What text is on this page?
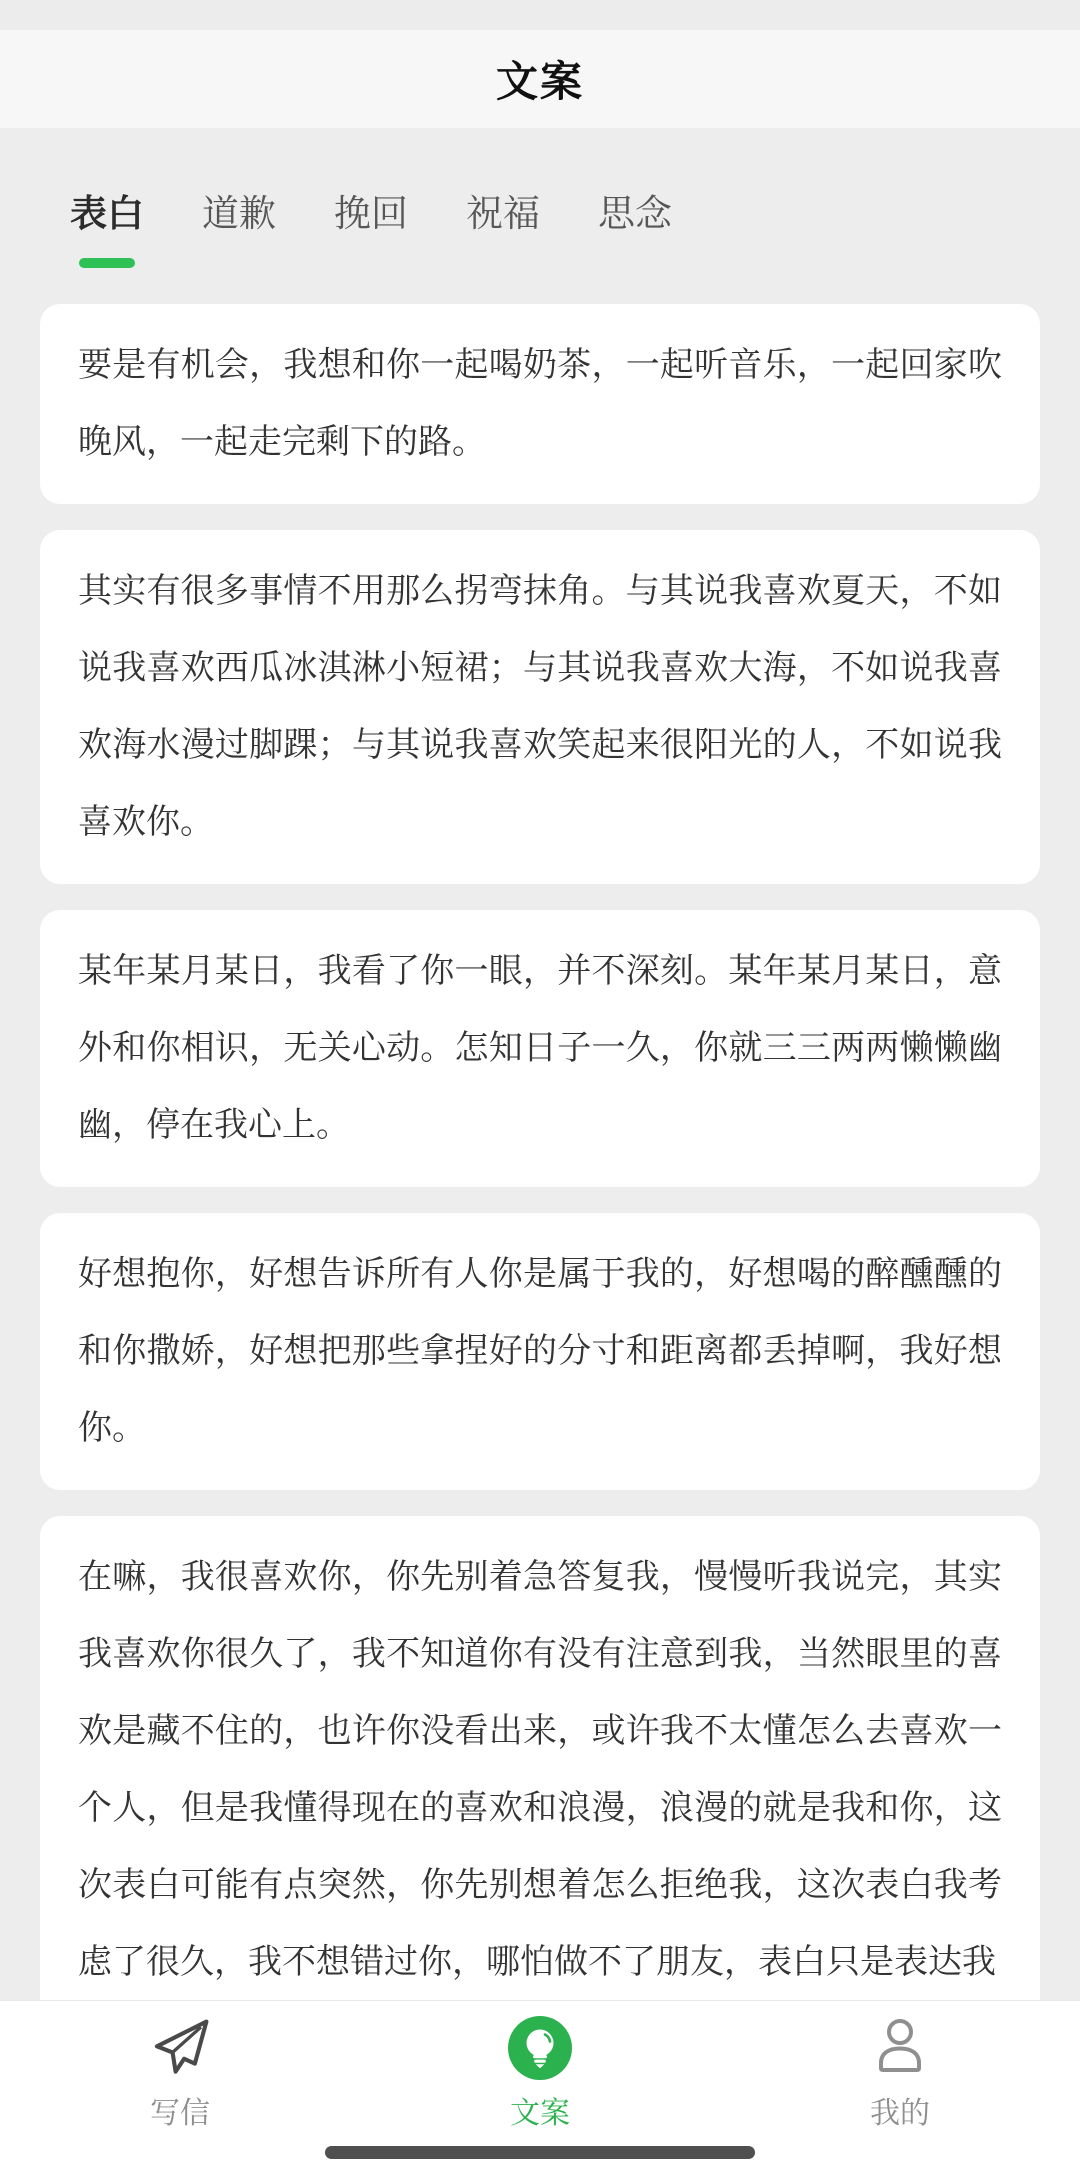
文案
表白 道歉 挽回 祝福 思念
要是有机会，我想和你一起喝奶茶，一起听音乐，一起回家吹晚风，一起走完剩下的路。
其实有很多事情不用那么拐弯抹角。与其说我喜欢夏天，不如说我喜欢西瓜冰淇淋小短裙；与其说我喜欢大海，不如说我喜欢海水漫过脚踝；与其说我喜欢笑起来很阳光的人，不如说我喜欢你。
某年某月某日，我看了你一眼，并不深刻。某年某月某日，意外和你相识，无关心动。怎知日子一久，你就三三两两懒懒幽幽，停在我心上。
好想抱你，好想告诉所有人你是属于我的，好想喝的醉醺醺的和你撒娇，好想把那些拿捏好的分寸和距离都丢掉啊，我好想你。
在嘛，我很喜欢你，你先别着急答复我，慢慢听我说完，其实我喜欢你很久了，我不知道你有没有注意到我，当然眼里的喜欢是藏不住的，也许你没看出来，或许我不太懂怎么去喜欢一个人，但是我懂得现在的喜欢和浪漫，浪漫的就是我和你，这次表白可能有点突然，你先别想着怎么拒绝我，这次表白我考虑了很久，我不想错过你，哪怕做不了朋友，表白只是表达我
写信	文案	我的
